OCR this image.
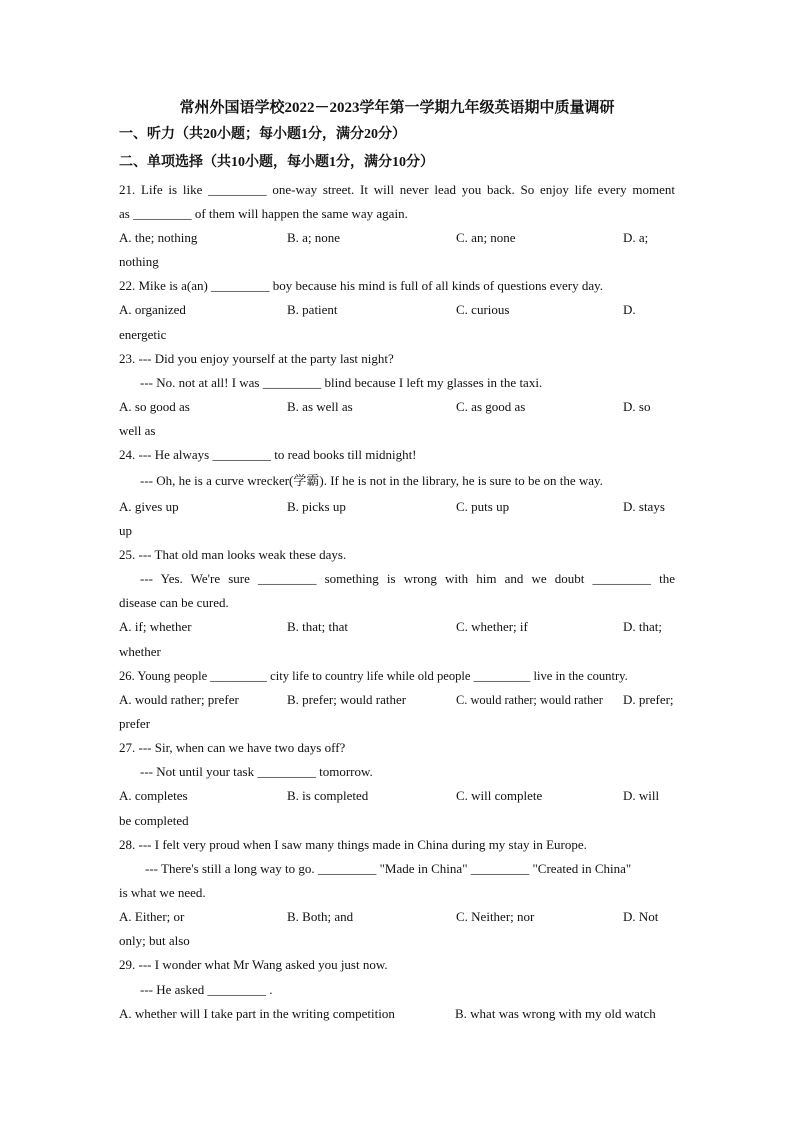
常州外国语学校2022－2023学年第一学期九年级英语期中质量调研
一、听力（共20小题；每小题1分，满分20分）
二、单项选择（共10小题，每小题1分，满分10分）
21. Life is like _________ one-way street. It will never lead you back. So enjoy life every moment
as _________ of them will happen the same way again.
A. the; nothing	B. a; none	C. an; none	D. a;
nothing
22. Mike is a(an) _________ boy because his mind is full of all kinds of questions every day.
A. organized	B. patient	C. curious	D.
energetic
23. --- Did you enjoy yourself at the party last night?
--- No. not at all! I was _________ blind because I left my glasses in the taxi.
A. so good as	B. as well as	C. as good as	D. so
well as
24. --- He always _________ to read books till midnight!
--- Oh, he is a curve wrecker(学霸). If he is not in the library, he is sure to be on the way.
A. gives up	B. picks up	C. puts up	D. stays
up
25. --- That old man looks weak these days.
--- Yes. We're sure _________ something is wrong with him and we doubt _________ the
disease can be cured.
A. if; whether	B. that; that	C. whether; if	D. that;
whether
26. Young people _________ city life to country life while old people _________ live in the country.
A. would rather; prefer	B. prefer; would rather	C. would rather; would rather D. prefer;
prefer
27. --- Sir, when can we have two days off?
--- Not until your task _________ tomorrow.
A. completes	B. is completed	C. will complete	D. will
be completed
28. --- I felt very proud when I saw many things made in China during my stay in Europe.
--- There's still a long way to go. _________ "Made in China" _________ "Created in China"
is what we need.
A. Either; or	B. Both; and	C. Neither; nor	D. Not
only; but also
29. --- I wonder what Mr Wang asked you just now.
--- He asked _________ .
A. whether will I take part in the writing competition	B. what was wrong with my old watch
